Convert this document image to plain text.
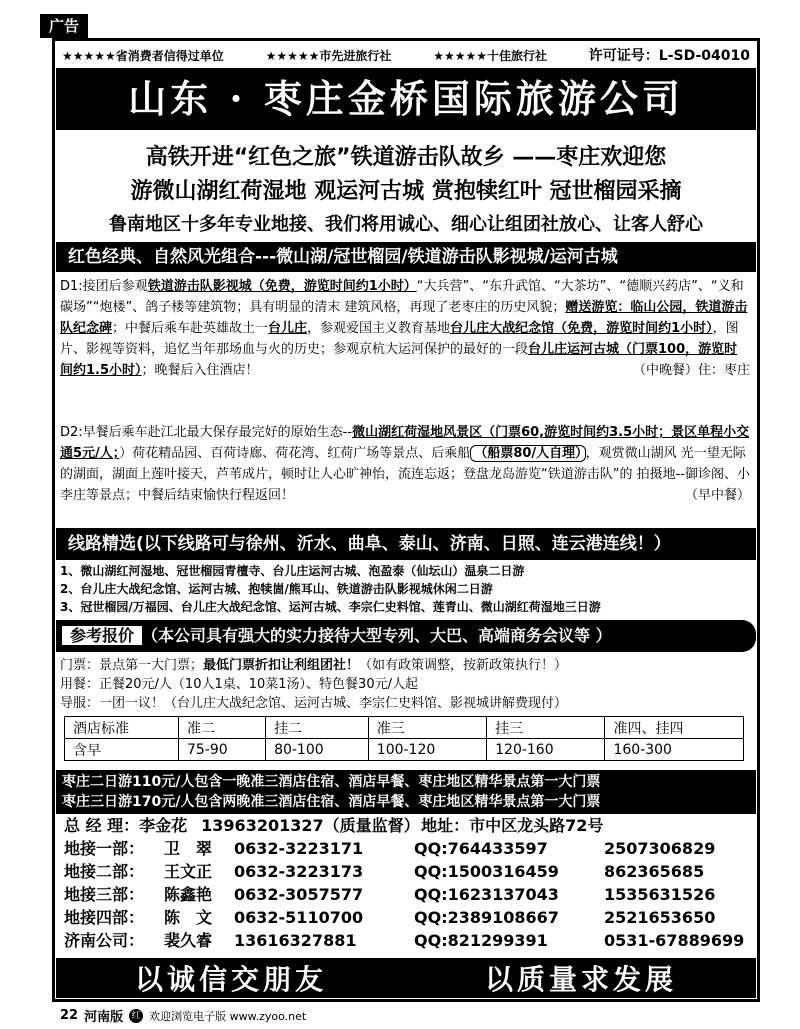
广告
★★★★★省消费者信得过单位	★★★★★市先进旅行社	★★★★★十佳旅行社	许可证号：L-SD-04010
山东 · 枣庄金桥国际旅游公司
高铁开进“红色之旅”铁道游击队故乡 ——枣庄欢迎您
游微山湖红荷湿地 观运河古城 赏抱犊红叶 冠世榴园采摘
鲁南地区十多年专业地接、我们将用诚心、细心让组团社放心、让客人舒心
红色经典、自然风光组合---微山湖/冠世榴园/铁道游击队影视城/运河古城
D1:接团后参观铁道游击队影视城（免费，游览时间约1小时）“大兵营”、“东升武馆、“大茶坊”、“德顺兴药店”、“义和碳场”“炮楼”、鸽子楼等建筑物；具有明显的清末 建筑风格，再现了老枣庄的历史风貌；赠送游览：临山公园，铁道游击队纪念碑；中餐后乘车赴英雄故土一台儿庄，参观爱国主义教育基地台儿庄大战纪念馆（免费，游览时间约1小时），图片、影视等资料，追忆当年那场血与火的历史；参观京杭大运河保护的最好的一段台儿庄运河古城（门票100，游览时间约1.5小时）；晚餐后入住酒店！	（中晚餐）住：枣庄
D2:早餐后乘车赴江北最大保存最完好的原始生态--微山湖红荷湿地风景区（门票60,游览时间约3.5小时；景区单程小交通5元/人；）荷花精品园、百荷诗廊、荷花湾、红荷广场等景点、后乘船 （船票80/人自理） ，观赏微山湖风 光一望无际的湖面，湖面上莲叶接天，芦苇成片，顿时让人心旷神怡，流连忘返；登盘龙岛游览“铁道游击队”的 拍摄地--御诊阁、小李庄等景点；中餐后结束愉快行程返回！	（早中餐）
线路精选(以下线路可与徐州、沂水、曲阜、泰山、济南、日照、连云港连线！）
1、微山湖红河湿地、冠世榴园青檀寺、台儿庄运河古城、泡盈泰（仙坛山）温泉二日游
2、台儿庄大战纪念馆、运河古城、抱犊崮/熊耳山、铁道游击队影视城休闲二日游
3、冠世榴园/万福园、台儿庄大战纪念馆、运河古城、李宗仁史料馆、莲青山、微山湖红荷湿地三日游
参考报价 （本公司具有强大的实力接待大型专列、大巴、高端商务会议等 ）
门票：景点第一大门票；最低门票折扣让利组团社！（如有政策调整，按新政策执行！）
用餐：正餐20元/人（10人1桌、10菜1汤）、特色餐30元/人起
导服：一团一议！（台儿庄大战纪念馆、运河古城、李宗仁史料馆、影视城讲解费现付）
酒店标准	准二	挂二	准三	挂三	准四、挂四
含早	75-90	80-100	100-120	120-160	160-300
枣庄二日游110元/人包含一晚准三酒店住宿、酒店早餐、枣庄地区精华景点第一大门票
枣庄三日游170元/人包含两晚准三酒店住宿、酒店早餐、枣庄地区精华景点第一大门票
总 经 理： 李金花 13963201327（质量监督） 地址：市中区龙头路72号
地接一部：	卫　翠	0632-3223171	QQ:764433597	2507306829
地接二部：	王文正	0632-3223173	QQ:1500316459	862365685
地接三部：	陈鑫艳	0632-3057577	QQ:1623137043	1535631526
地接四部：	陈　文	0632-5110700	QQ:2389108667	2521653650
济南公司：	裴久睿	13616327881	QQ:821299391	0531-67889699
以诚信交朋友	以质量求发展
22 河南版 红 欢迎浏览电子版 www.zyoo.net
